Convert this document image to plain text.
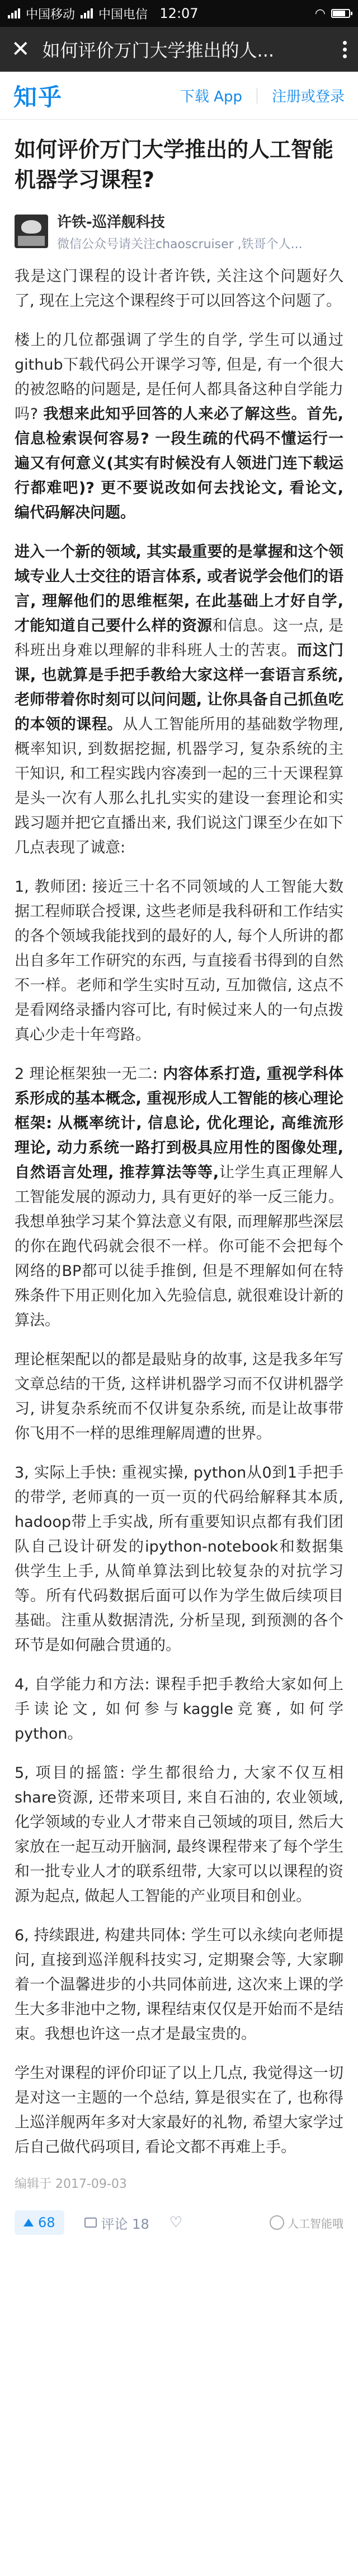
中国移动 中国电信 12:07	◠
✕ 如何评价万门大学推出的人...
知乎	下载 App 注册或登录
如何评价万门大学推出的人工智能机器学习课程?
许铁-巡洋舰科技
微信公众号请关注chaoscruiser ,铁哥个人...

我是这门课程的设计者许铁, 关注这个问题好久了, 现在上完这个课程终于可以回答这个问题了。

楼上的几位都强调了学生的自学, 学生可以通过github下载代码公开课学习等, 但是, 有一个很大的被忽略的问题是, 是任何人都具备这种自学能力吗? 我想来此知乎回答的人来必了解这些。首先, 信息检索误何容易? 一段生疏的代码不懂运行一遍又有何意义(其实有时候没有人领进门连下载运行都难吧)? 更不要说改如何去找论文, 看论文, 编代码解决问题。

进入一个新的领域, 其实最重要的是掌握和这个领域专业人士交往的语言体系, 或者说学会他们的语言, 理解他们的思维框架, 在此基础上才好自学, 才能知道自己要什么样的资源和信息。这一点, 是科班出身难以理解的非科班人士的苦衷。而这门课, 也就算是手把手教给大家这样一套语言系统, 老师带着你时刻可以问问题, 让你具备自己抓鱼吃的本领的课程。从人工智能所用的基础数学物理, 概率知识, 到数据挖掘, 机器学习, 复杂系统的主干知识, 和工程实践内容凑到一起的三十天课程算是头一次有人那么扎扎实实的建设一套理论和实践习题并把它直播出来, 我们说这门课至少在如下几点表现了诚意:

1, 教师团: 接近三十名不同领域的人工智能大数据工程师联合授课, 这些老师是我科研和工作结实的各个领域我能找到的最好的人, 每个人所讲的都出自多年工作研究的东西, 与直接看书得到的自然不一样。老师和学生实时互动, 互加微信, 这点不是看网络录播内容可比, 有时候过来人的一句点拨真心少走十年弯路。

2 理论框架独一无二: 内容体系打造, 重视学科体系形成的基本概念, 重视形成人工智能的核心理论框架: 从概率统计, 信息论, 优化理论, 高维流形理论, 动力系统一路打到极具应用性的图像处理, 自然语言处理, 推荐算法等等,让学生真正理解人工智能发展的源动力, 具有更好的举一反三能力。我想单独学习某个算法意义有限, 而理解那些深层的你在跑代码就会很不一样。你可能不会把每个网络的BP都可以徒手推倒, 但是不理解如何在特殊条件下用正则化加入先验信息, 就很难设计新的算法。

理论框架配以的都是最贴身的故事, 这是我多年写文章总结的干货, 这样讲机器学习而不仅讲机器学习, 讲复杂系统而不仅讲复杂系统, 而是让故事带你飞用不一样的思维理解周遭的世界。

3, 实际上手快: 重视实操, python从0到1手把手的带学, 老师真的一页一页的代码给解释其本质, hadoop带上手实战, 所有重要知识点都有我们团队自己设计研发的ipython-notebook和数据集供学生上手, 从简单算法到比较复杂的对抗学习等。所有代码数据后面可以作为学生做后续项目基础。注重从数据清洗, 分析呈现, 到预测的各个环节是如何融合贯通的。

4, 自学能力和方法: 课程手把手教给大家如何上手读论文, 如何参与kaggle竞赛, 如何学python。

5, 项目的摇篮: 学生都很给力, 大家不仅互相share资源, 还带来项目, 来自石油的, 农业领域, 化学领域的专业人才带来自己领域的项目, 然后大家放在一起互动开脑洞, 最终课程带来了每个学生和一批专业人才的联系纽带, 大家可以以课程的资源为起点, 做起人工智能的产业项目和创业。

6, 持续跟进, 构建共同体: 学生可以永续向老师提问, 直接到巡洋舰科技实习, 定期聚会等, 大家聊着一个温馨进步的小共同体前进, 这次来上课的学生大多非池中之物, 课程结束仅仅是开始而不是结束。我想也许这一点才是最宝贵的。

学生对课程的评价印证了以上几点, 我觉得这一切是对这一主题的一个总结, 算是很实在了, 也称得上巡洋舰两年多对大家最好的礼物, 希望大家学过后自己做代码项目, 看论文都不再难上手。

编辑于 2017-09-03
68	评论 18 ♡	人工智能哦
